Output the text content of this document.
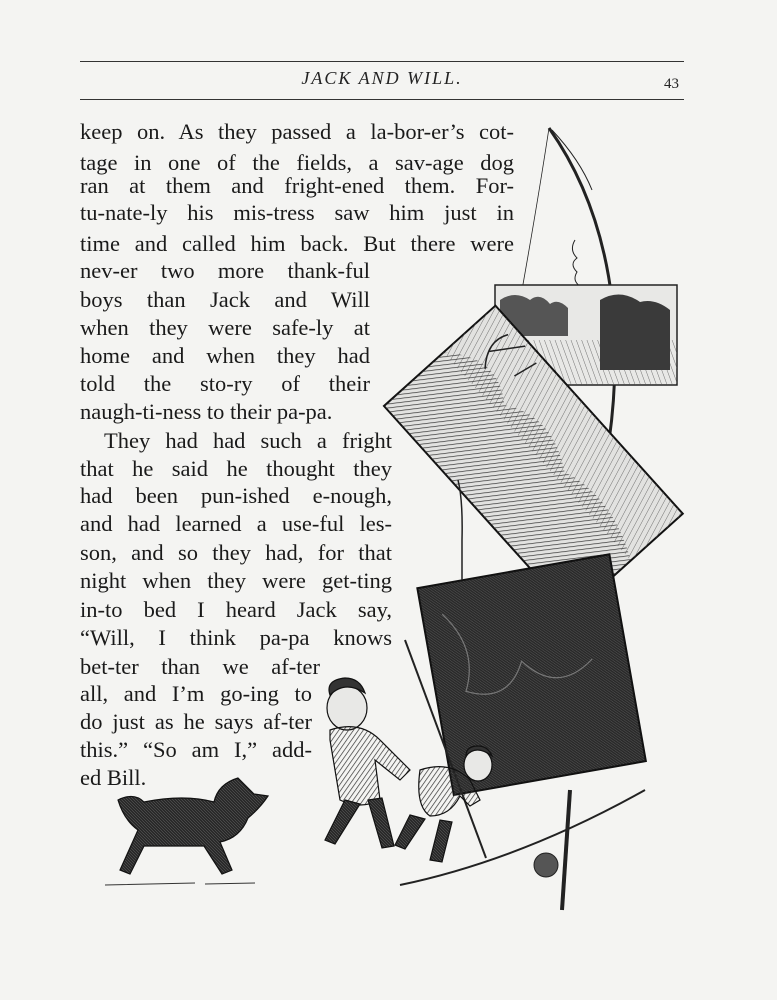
JACK AND WILL.	43
keep on. As they passed a la-bor-er’s cot-
tage in one of the fields, a sav-age dog
ran at them and fright-ened them. For-
tu-nate-ly his mis-tress saw him just in
time and called him back. But there were
nev-er two more thank-ful
boys than Jack and Will
when they were safe-ly at
home and when they had
told the sto-ry of their
naugh-ti-ness to their pa-pa.
They had had such a fright
that he said he thought they
had been pun-ished e-nough,
and had learned a use-ful les-
son, and so they had, for that
night when they were get-ting
in-to bed I heard Jack say,
“Will, I think pa-pa knows
bet-ter than we af-ter
all, and I’m go-ing to
do just as he says af-ter
this.” “So am I,” add-
ed Bill.
